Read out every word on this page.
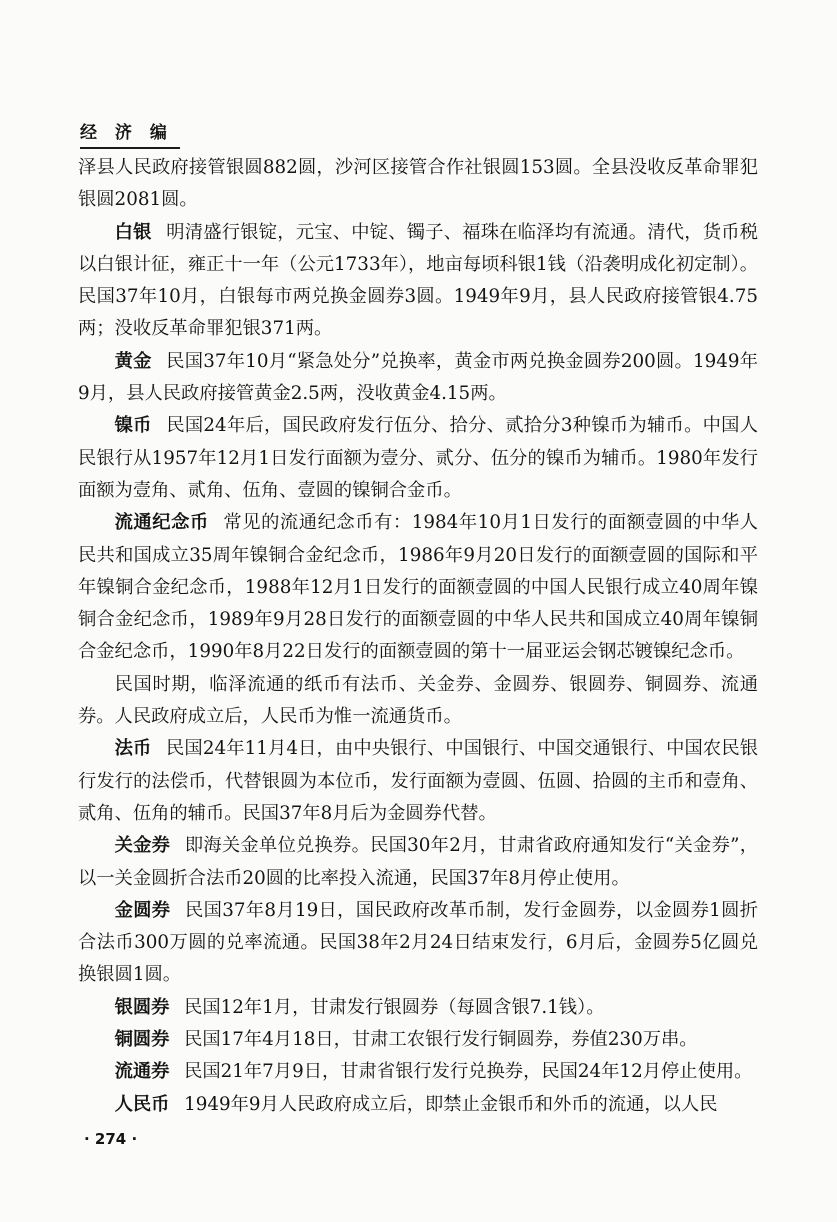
经 济 编

泽县人民政府接管银圆882圆，沙河区接管合作社银圆153圆。全县没收反革命罪犯银圆2081圆。

白银 明清盛行银锭，元宝、中锭、镯子、福珠在临泽均有流通。清代，货币税以白银计征，雍正十一年（公元1733年），地亩每顷科银1钱（沿袭明成化初定制）。民国37年10月，白银每市两兑换金圆券3圆。1949年9月，县人民政府接管银4.75两；没收反革命罪犯银371两。

黄金 民国37年10月“紧急处分”兑换率，黄金市两兑换金圆券200圆。1949年9月，县人民政府接管黄金2.5两，没收黄金4.15两。

镍币 民国24年后，国民政府发行伍分、拾分、贰拾分3种镍币为辅币。中国人民银行从1957年12月1日发行面额为壹分、贰分、伍分的镍币为辅币。1980年发行面额为壹角、贰角、伍角、壹圆的镍铜合金币。

流通纪念币 常见的流通纪念币有：1984年10月1日发行的面额壹圆的中华人民共和国成立35周年镍铜合金纪念币，1986年9月20日发行的面额壹圆的国际和平年镍铜合金纪念币，1988年12月1日发行的面额壹圆的中国人民银行成立40周年镍铜合金纪念币，1989年9月28日发行的面额壹圆的中华人民共和国成立40周年镍铜合金纪念币，1990年8月22日发行的面额壹圆的第十一届亚运会钢芯镀镍纪念币。

民国时期，临泽流通的纸币有法币、关金券、金圆券、银圆券、铜圆券、流通券。人民政府成立后，人民币为惟一流通货币。

法币 民国24年11月4日，由中央银行、中国银行、中国交通银行、中国农民银行发行的法偿币，代替银圆为本位币，发行面额为壹圆、伍圆、拾圆的主币和壹角、贰角、伍角的辅币。民国37年8月后为金圆券代替。

关金券 即海关金单位兑换券。民国30年2月，甘肃省政府通知发行“关金券”，以一关金圆折合法币20圆的比率投入流通，民国37年8月停止使用。

金圆券 民国37年8月19日，国民政府改革币制，发行金圆券，以金圆券1圆折合法币300万圆的兑率流通。民国38年2月24日结束发行，6月后，金圆券5亿圆兑换银圆1圆。

银圆券 民国12年1月，甘肃发行银圆券（每圆含银7.1钱）。

铜圆券 民国17年4月18日，甘肃工农银行发行铜圆券，券值230万串。

流通券 民国21年7月9日，甘肃省银行发行兑换券，民国24年12月停止使用。

人民币 1949年9月人民政府成立后，即禁止金银币和外币的流通，以人民

· 274 ·
